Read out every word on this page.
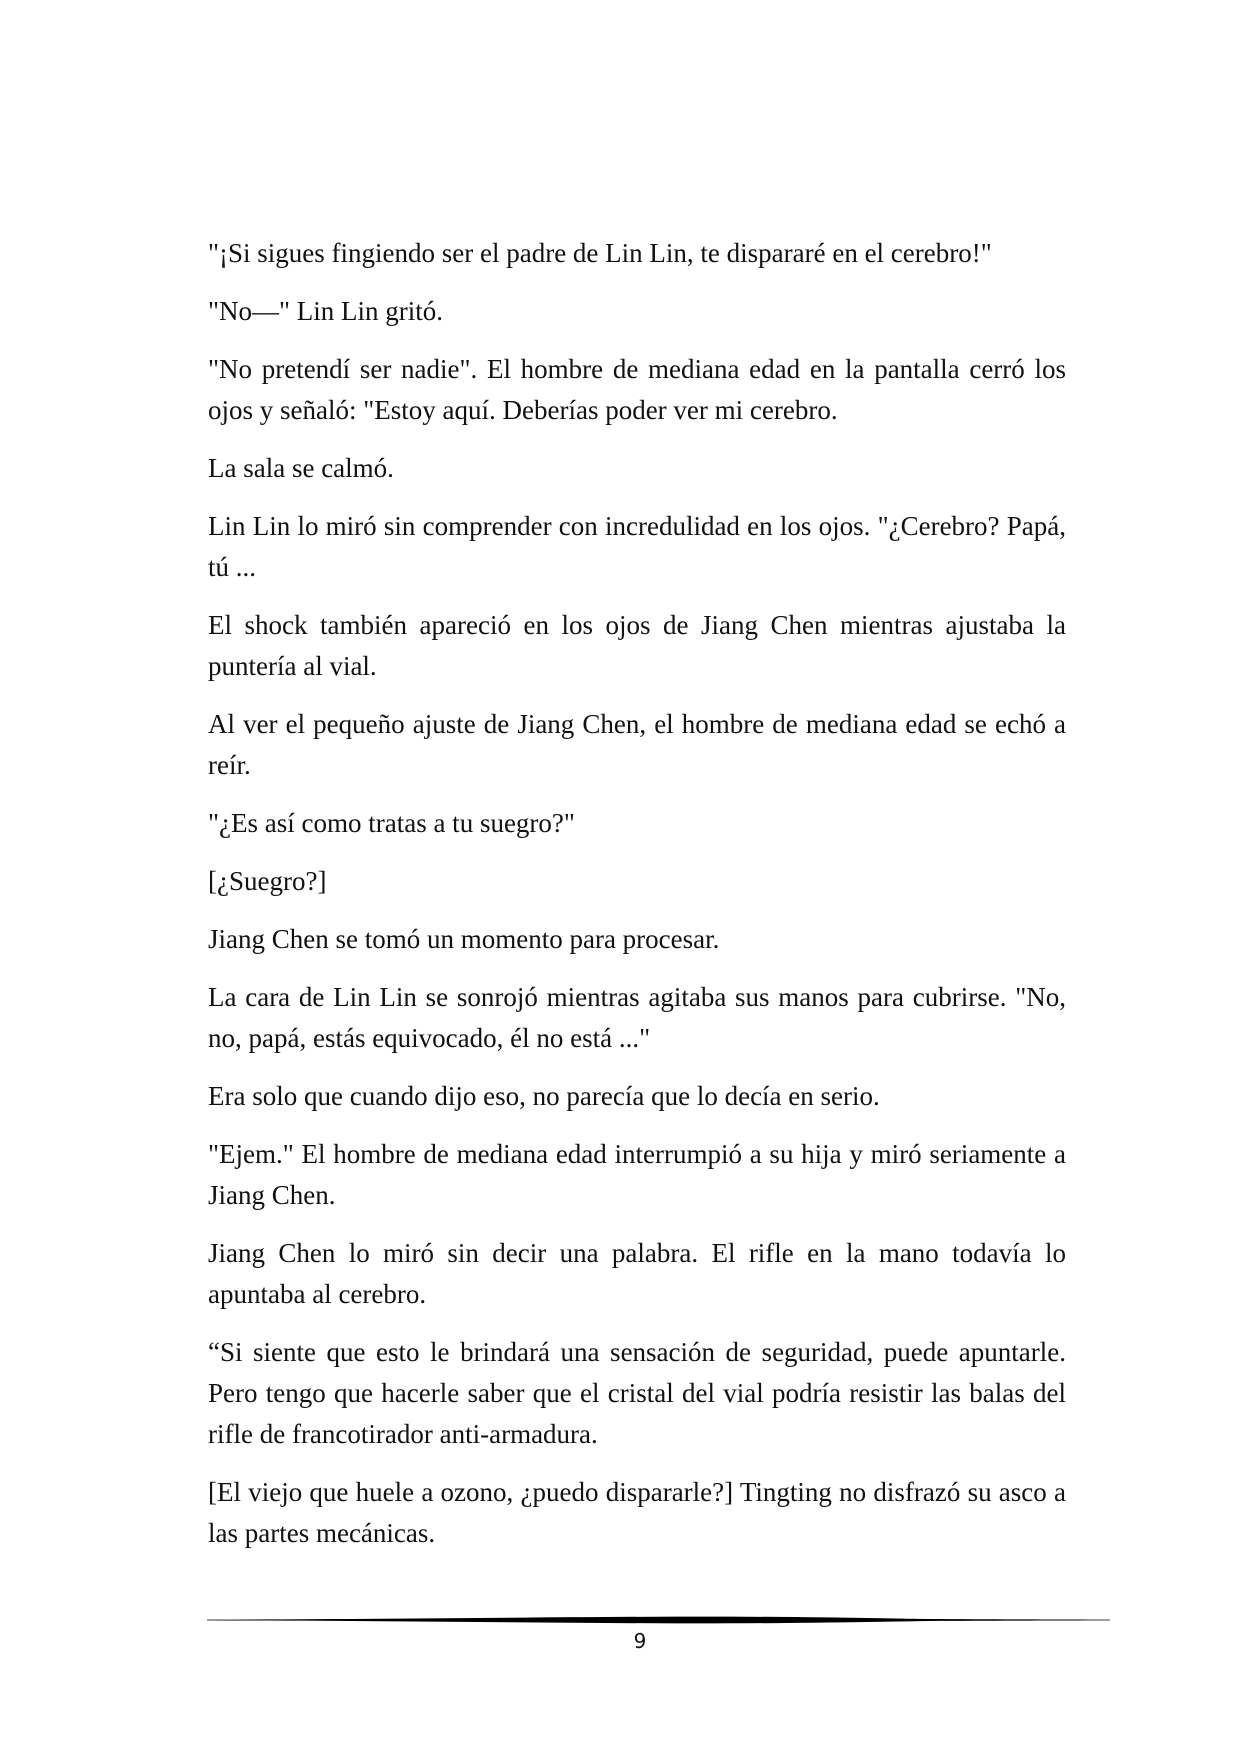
"¡Si sigues fingiendo ser el padre de Lin Lin, te dispararé en el cerebro!"

"No—" Lin Lin gritó.

"No pretendí ser nadie". El hombre de mediana edad en la pantalla cerró los ojos y señaló: "Estoy aquí. Deberías poder ver mi cerebro.

La sala se calmó.

Lin Lin lo miró sin comprender con incredulidad en los ojos. "¿Cerebro? Papá, tú ...

El shock también apareció en los ojos de Jiang Chen mientras ajustaba la puntería al vial.

Al ver el pequeño ajuste de Jiang Chen, el hombre de mediana edad se echó a reír.

"¿Es así como tratas a tu suegro?"

[¿Suegro?]

Jiang Chen se tomó un momento para procesar.

La cara de Lin Lin se sonrojó mientras agitaba sus manos para cubrirse. "No, no, papá, estás equivocado, él no está ..."

Era solo que cuando dijo eso, no parecía que lo decía en serio.

"Ejem." El hombre de mediana edad interrumpió a su hija y miró seriamente a Jiang Chen.

Jiang Chen lo miró sin decir una palabra. El rifle en la mano todavía lo apuntaba al cerebro.

“Si siente que esto le brindará una sensación de seguridad, puede apuntarle. Pero tengo que hacerle saber que el cristal del vial podría resistir las balas del rifle de francotirador anti-armadura.

[El viejo que huele a ozono, ¿puedo dispararle?] Tingting no disfrazó su asco a las partes mecánicas.

9
